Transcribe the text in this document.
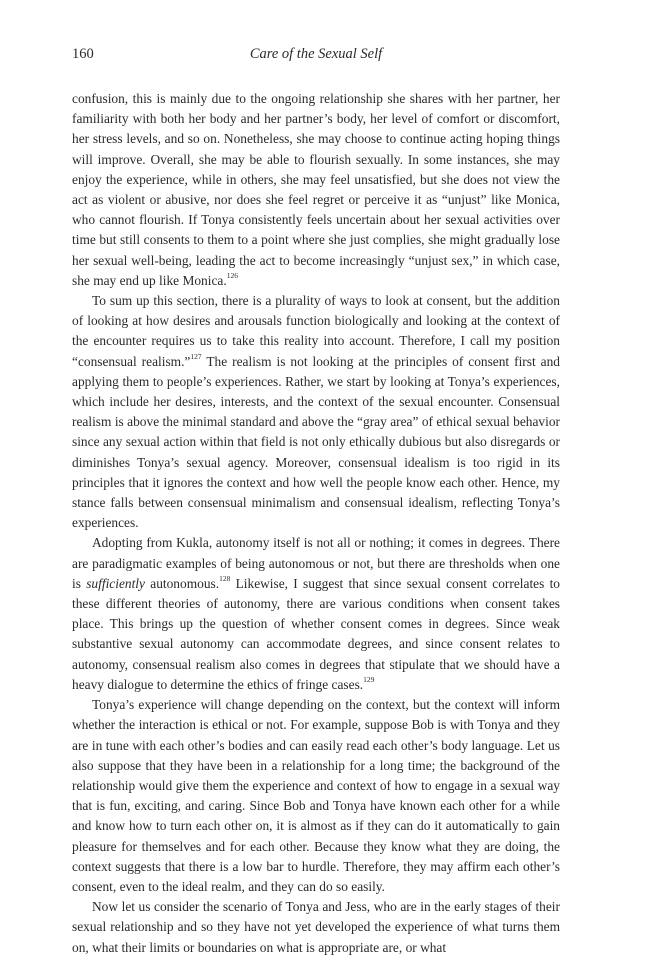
160	Care of the Sexual Self

confusion, this is mainly due to the ongoing relationship she shares with her partner, her familiarity with both her body and her partner’s body, her level of comfort or discomfort, her stress levels, and so on. Nonetheless, she may choose to continue acting hoping things will improve. Overall, she may be able to flourish sexually. In some instances, she may enjoy the experience, while in others, she may feel unsatisfied, but she does not view the act as violent or abusive, nor does she feel regret or perceive it as “unjust” like Monica, who cannot flourish. If Tonya consistently feels uncertain about her sexual activities over time but still consents to them to a point where she just complies, she might gradually lose her sexual well-being, leading the act to become increasingly “unjust sex,” in which case, she may end up like Monica.$^{126}$

To sum up this section, there is a plurality of ways to look at consent, but the addition of looking at how desires and arousals function biologically and looking at the context of the encounter requires us to take this reality into account. Therefore, I call my position “consensual realism.”$^{127}$ The realism is not looking at the principles of consent first and applying them to people’s experiences. Rather, we start by looking at Tonya’s experiences, which include her desires, interests, and the context of the sexual encounter. Consensual realism is above the minimal standard and above the “gray area” of ethical sexual behavior since any sexual action within that field is not only ethically dubious but also disregards or diminishes Tonya’s sexual agency. Moreover, consensual idealism is too rigid in its principles that it ignores the context and how well the people know each other. Hence, my stance falls between consensual minimalism and consensual idealism, reflecting Tonya’s experiences.

Adopting from Kukla, autonomy itself is not all or nothing; it comes in degrees. There are paradigmatic examples of being autonomous or not, but there are thresholds when one is sufficiently autonomous.$^{128}$ Likewise, I suggest that since sexual consent correlates to these different theories of autonomy, there are various conditions when consent takes place. This brings up the question of whether consent comes in degrees. Since weak substantive sexual autonomy can accommodate degrees, and since consent relates to autonomy, consensual realism also comes in degrees that stipulate that we should have a heavy dialogue to determine the ethics of fringe cases.$^{129}$

Tonya’s experience will change depending on the context, but the context will inform whether the interaction is ethical or not. For example, suppose Bob is with Tonya and they are in tune with each other’s bodies and can easily read each other’s body language. Let us also suppose that they have been in a relationship for a long time; the background of the relationship would give them the experience and context of how to engage in a sexual way that is fun, exciting, and caring. Since Bob and Tonya have known each other for a while and know how to turn each other on, it is almost as if they can do it automatically to gain pleasure for themselves and for each other. Because they know what they are doing, the context suggests that there is a low bar to hurdle. Therefore, they may affirm each other’s consent, even to the ideal realm, and they can do so easily.

Now let us consider the scenario of Tonya and Jess, who are in the early stages of their sexual relationship and so they have not yet developed the experience of what turns them on, what their limits or boundaries on what is appropriate are, or what
